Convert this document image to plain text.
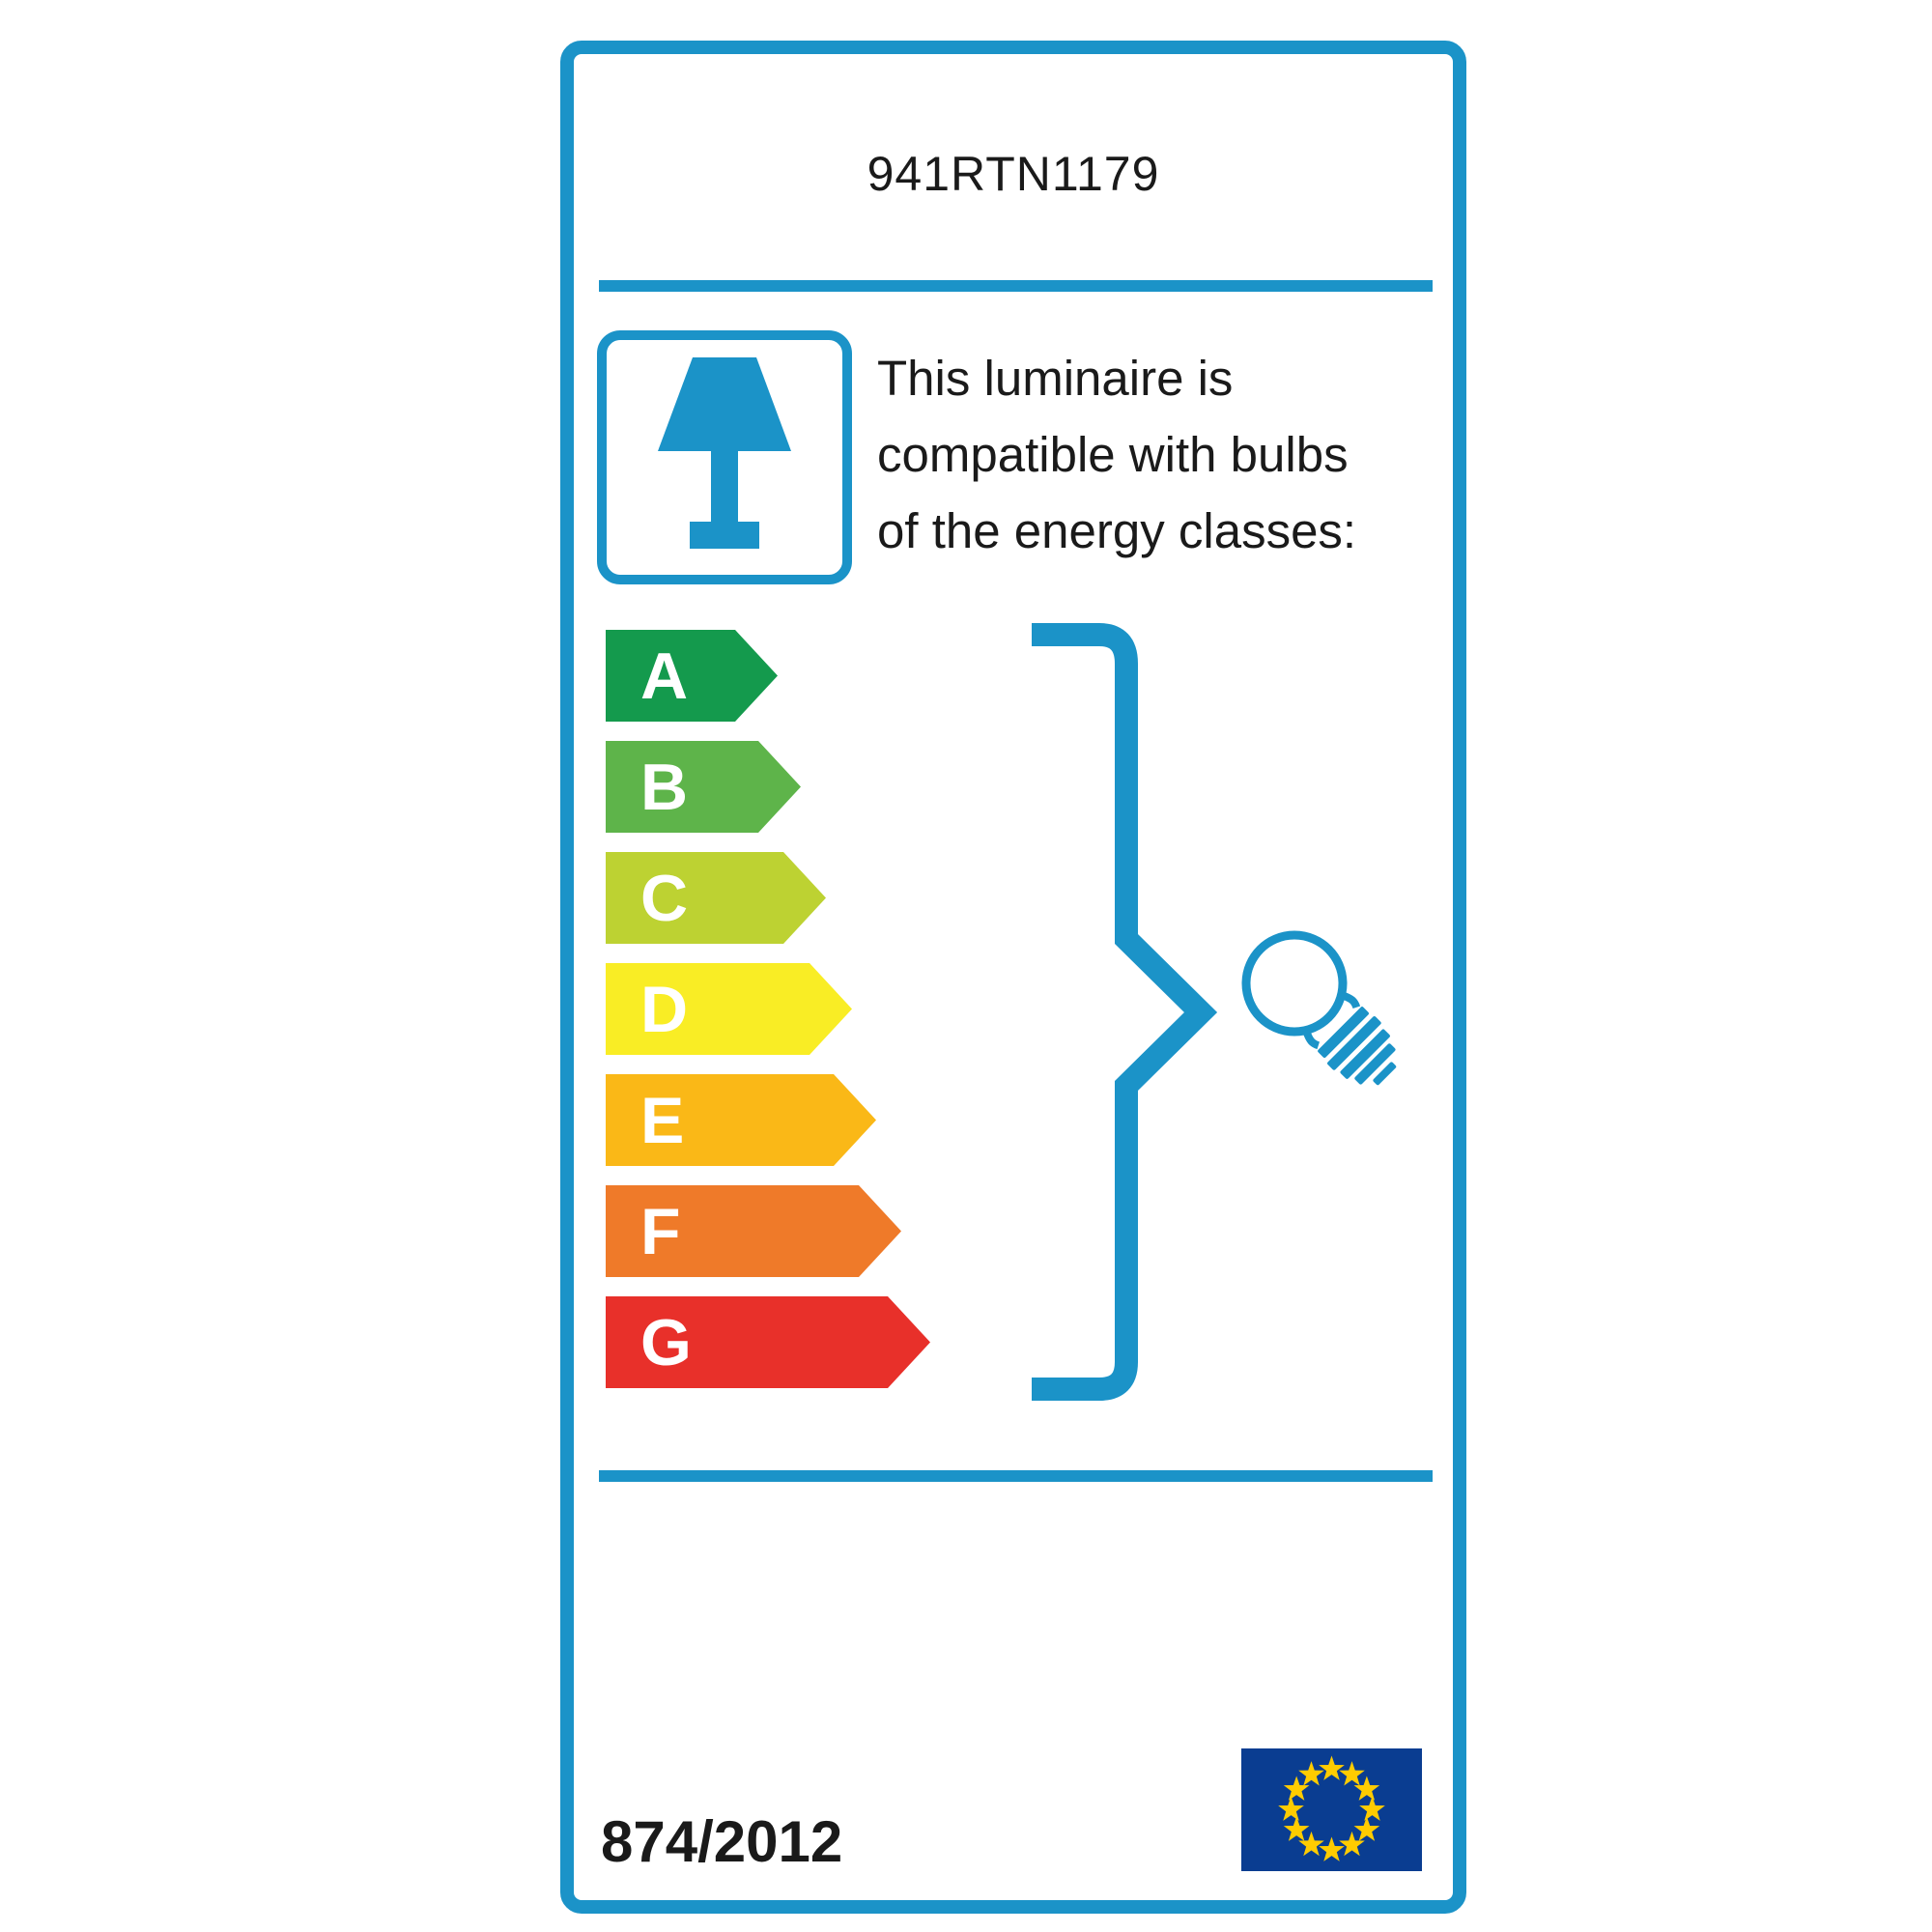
941RTN1179
This luminaire is
compatible with bulbs
of the energy classes:
A
B
C
D
E
F
G
874/2012
